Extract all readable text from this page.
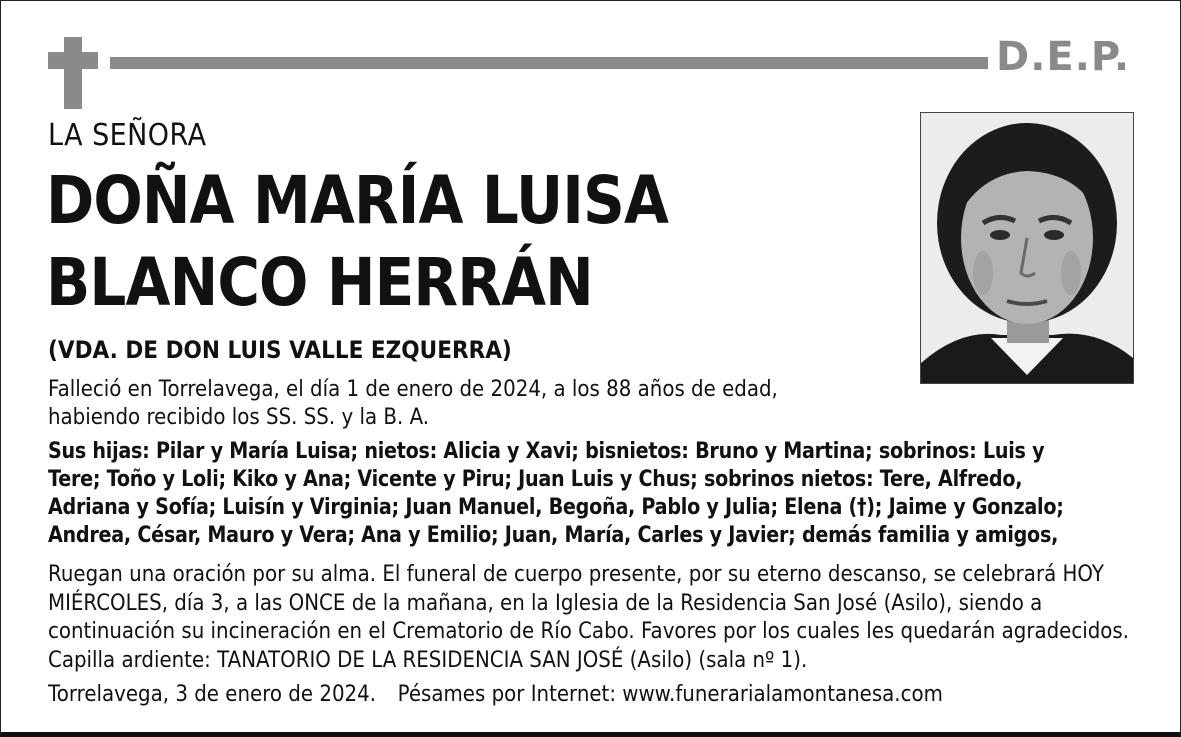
D.E.P.
LA SEÑORA
DOÑA MARÍA LUISA
BLANCO HERRÁN
(VDA. DE DON LUIS VALLE EZQUERRA)
Falleció en Torrelavega, el día 1 de enero de 2024, a los 88 años de edad, habiendo recibido los SS. SS. y la B. A.
Sus hijas: Pilar y María Luisa; nietos: Alicia y Xavi; bisnietos: Bruno y Martina; sobrinos: Luis y Tere; Toño y Loli; Kiko y Ana; Vicente y Piru; Juan Luis y Chus; sobrinos nietos: Tere, Alfredo, Adriana y Sofía; Luisín y Virginia; Juan Manuel, Begoña, Pablo y Julia; Elena (†); Jaime y Gonzalo; Andrea, César, Mauro y Vera; Ana y Emilio; Juan, María, Carles y Javier; demás familia y amigos,
Ruegan una oración por su alma. El funeral de cuerpo presente, por su eterno descanso, se celebrará HOY MIÉRCOLES, día 3, a las ONCE de la mañana, en la Iglesia de la Residencia San José (Asilo), siendo a continuación su incineración en el Crematorio de Río Cabo. Favores por los cuales les quedarán agradecidos. Capilla ardiente: TANATORIO DE LA RESIDENCIA SAN JOSÉ (Asilo) (sala nº 1).
Torrelavega, 3 de enero de 2024. Pésames por Internet: www.funerarialamontanesa.com
